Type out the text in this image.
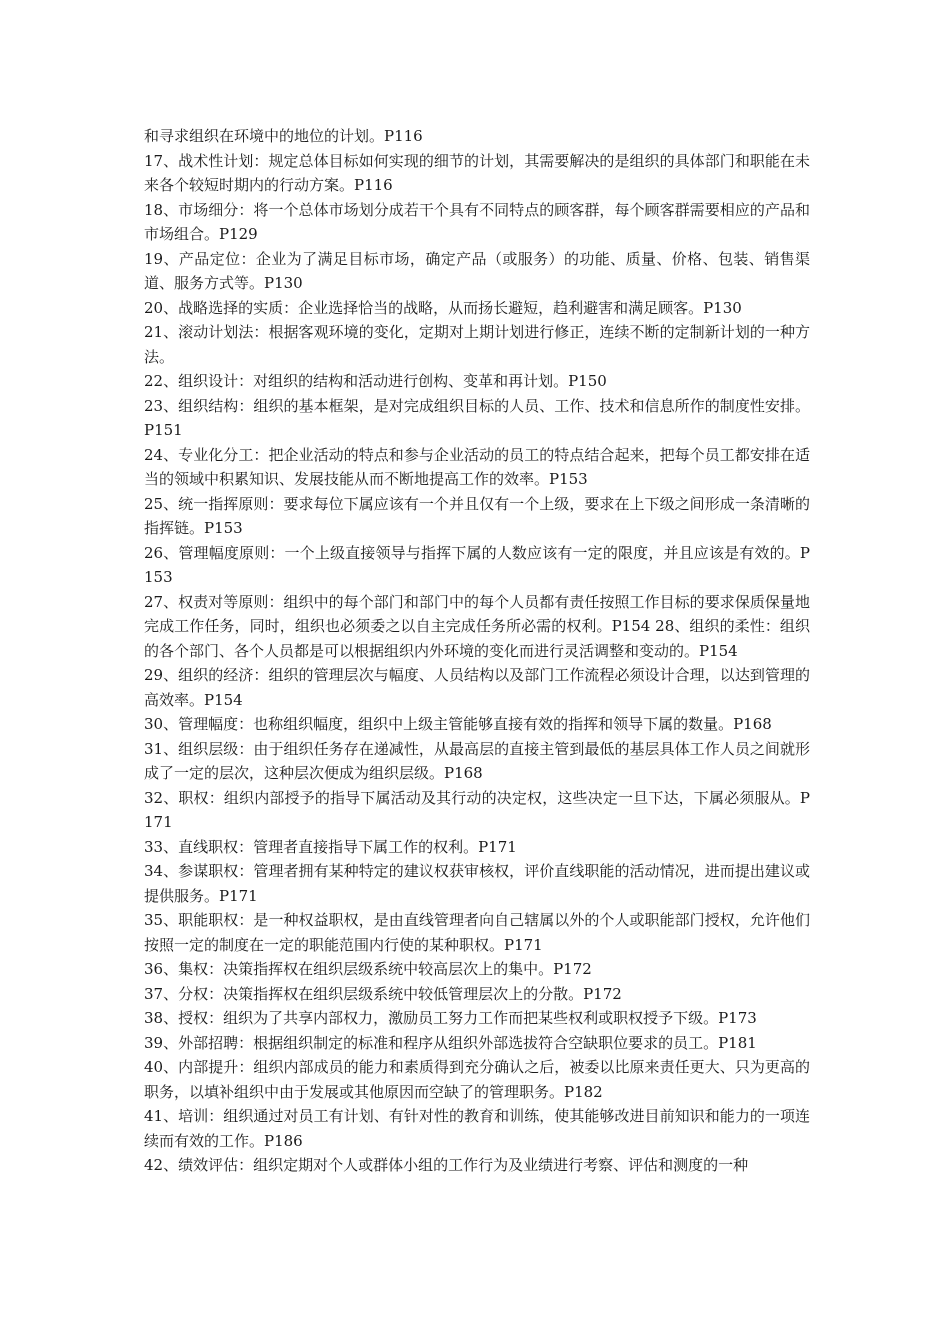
和寻求组织在环境中的地位的计划。P116

17、战术性计划：规定总体目标如何实现的细节的计划，其需要解决的是组织的具体部门和职能在未来各个较短时期内的行动方案。P116

18、市场细分：将一个总体市场划分成若干个具有不同特点的顾客群，每个顾客群需要相应的产品和市场组合。P129

19、产品定位：企业为了满足目标市场，确定产品（或服务）的功能、质量、价格、包装、销售渠道、服务方式等。P130

20、战略选择的实质：企业选择恰当的战略，从而扬长避短，趋利避害和满足顾客。P130

21、滚动计划法：根据客观环境的变化，定期对上期计划进行修正，连续不断的定制新计划的一种方法。

22、组织设计：对组织的结构和活动进行创构、变革和再计划。P150

23、组织结构：组织的基本框架，是对完成组织目标的人员、工作、技术和信息所作的制度性安排。P151

24、专业化分工：把企业活动的特点和参与企业活动的员工的特点结合起来，把每个员工都安排在适当的领域中积累知识、发展技能从而不断地提高工作的效率。P153

25、统一指挥原则：要求每位下属应该有一个并且仅有一个上级，要求在上下级之间形成一条清晰的指挥链。P153

26、管理幅度原则：一个上级直接领导与指挥下属的人数应该有一定的限度，并且应该是有效的。P153

27、权责对等原则：组织中的每个部门和部门中的每个人员都有责任按照工作目标的要求保质保量地完成工作任务，同时，组织也必须委之以自主完成任务所必需的权利。P154 28、组织的柔性：组织的各个部门、各个人员都是可以根据组织内外环境的变化而进行灵活调整和变动的。P154

29、组织的经济：组织的管理层次与幅度、人员结构以及部门工作流程必须设计合理，以达到管理的高效率。P154

30、管理幅度：也称组织幅度，组织中上级主管能够直接有效的指挥和领导下属的数量。P168

31、组织层级：由于组织任务存在递减性，从最高层的直接主管到最低的基层具体工作人员之间就形成了一定的层次，这种层次便成为组织层级。P168

32、职权：组织内部授予的指导下属活动及其行动的决定权，这些决定一旦下达，下属必须服从。P171

33、直线职权：管理者直接指导下属工作的权利。P171

34、参谋职权：管理者拥有某种特定的建议权获审核权，评价直线职能的活动情况，进而提出建议或提供服务。P171

35、职能职权：是一种权益职权，是由直线管理者向自己辖属以外的个人或职能部门授权，允许他们按照一定的制度在一定的职能范围内行使的某种职权。P171

36、集权：决策指挥权在组织层级系统中较高层次上的集中。P172

37、分权：决策指挥权在组织层级系统中较低管理层次上的分散。P172

38、授权：组织为了共享内部权力，激励员工努力工作而把某些权利或职权授予下级。P173

39、外部招聘：根据组织制定的标准和程序从组织外部选拔符合空缺职位要求的员工。P181

40、内部提升：组织内部成员的能力和素质得到充分确认之后，被委以比原来责任更大、只为更高的职务，以填补组织中由于发展或其他原因而空缺了的管理职务。P182

41、培训：组织通过对员工有计划、有针对性的教育和训练，使其能够改进目前知识和能力的一项连续而有效的工作。P186

42、绩效评估：组织定期对个人或群体小组的工作行为及业绩进行考察、评估和测度的一种
